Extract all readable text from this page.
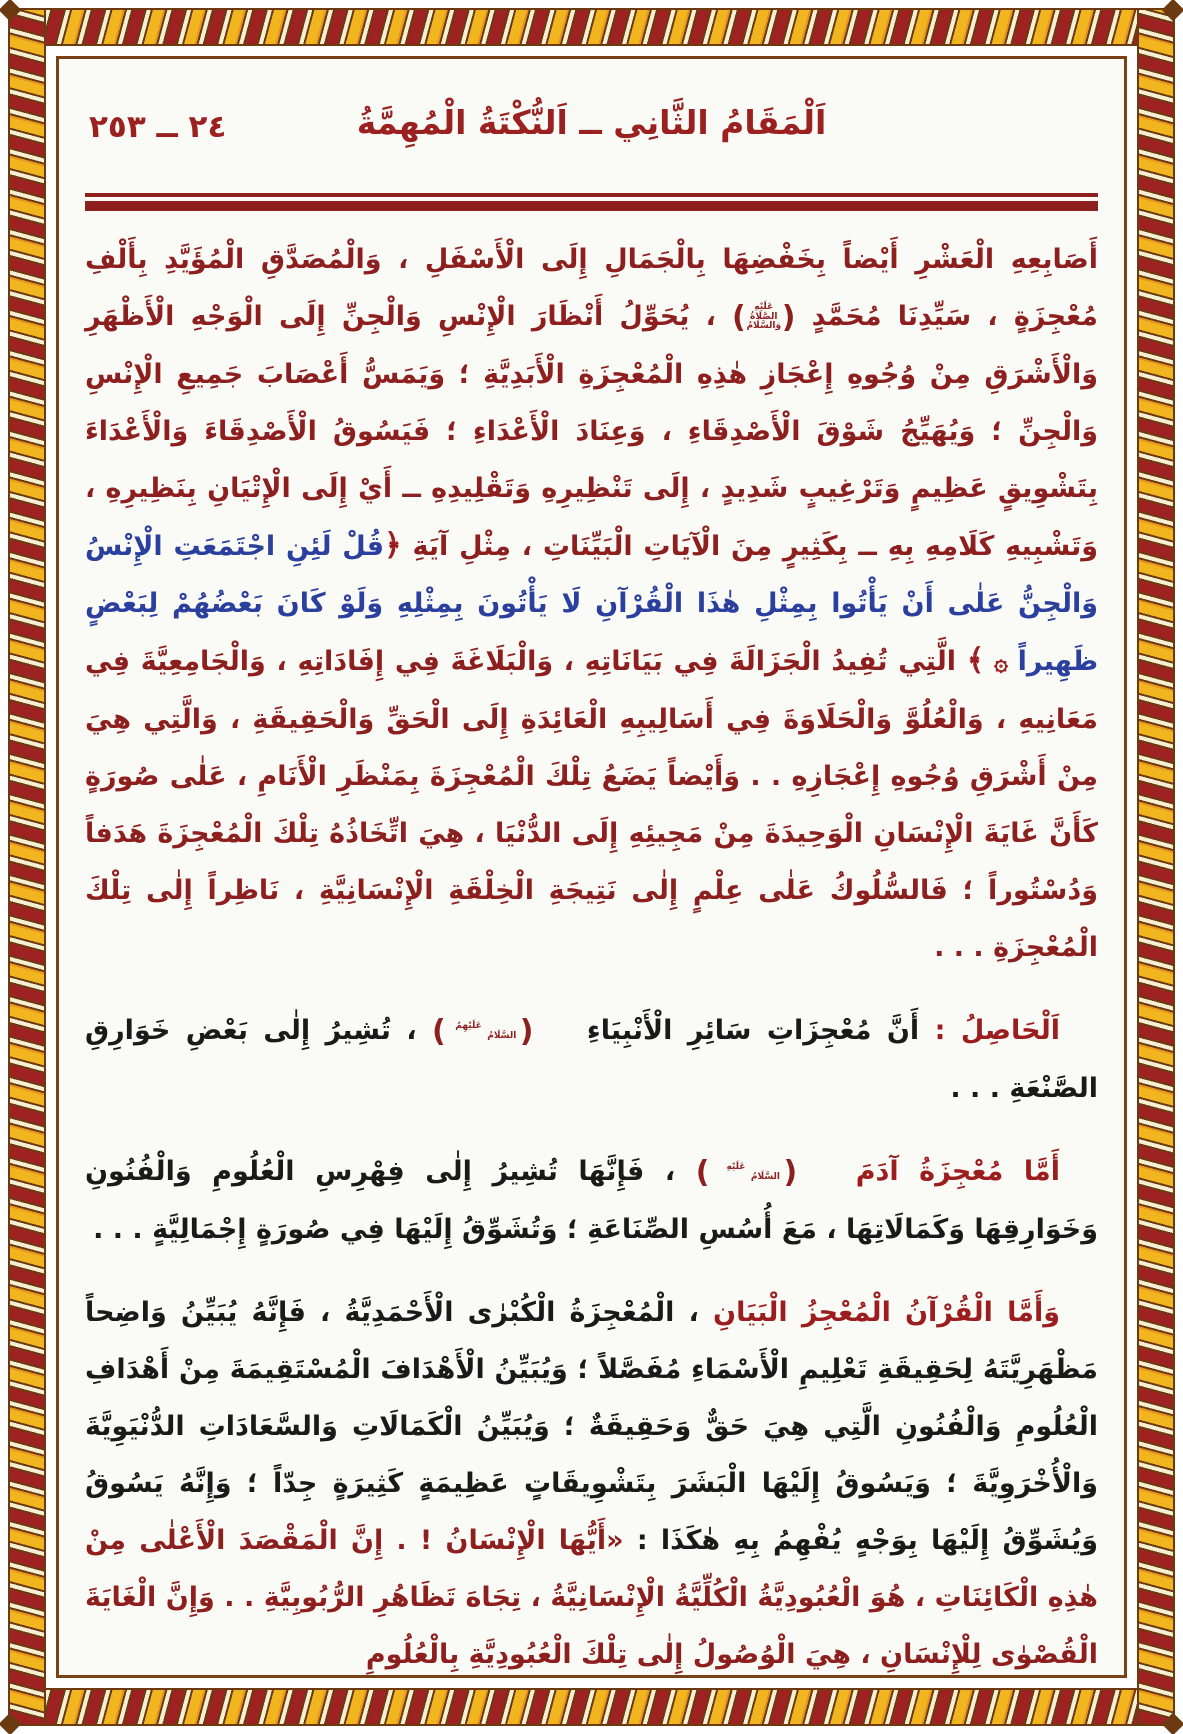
٢٤ ــ ٢٥٣	اَلْمَقَامُ الثَّانِي ــ اَلنُّكْتَةُ الْمُهِمَّةُ

أَصَابِعِهِ الْعَشْرِ أَيْضاً بِخَفْضِهَا بِالْجَمَالِ إِلَى الْأَسْفَلِ ، وَالْمُصَدَّقِ الْمُؤَيَّدِ بِأَلْفِ مُعْجِزَةٍ ، سَيِّدِنَا مُحَمَّدٍ
( عَلَيْهِ الصَّلَاةُ وَالسَّلَامُ
) ، يُحَوِّلُ أَنْظَارَ الْإِنْسِ وَالْجِنِّ إِلَى الْوَجْهِ الْأَظْهَرِ وَالْأَشْرَقِ مِنْ وُجُوهِ إِعْجَازِ هٰذِهِ الْمُعْجِزَةِ الْأَبَدِيَّةِ ؛ وَيَمَسُّ أَعْصَابَ جَمِيعِ الْإِنْسِ وَالْجِنِّ ؛ وَيُهَيِّجُ شَوْقَ الْأَصْدِقَاءِ ، وَعِنَادَ الْأَعْدَاءِ ؛ فَيَسُوقُ الْأَصْدِقَاءَ وَالْأَعْدَاءَ بِتَشْوِيقٍ عَظِيمٍ وَتَرْغِيبٍ شَدِيدٍ ، إِلَى تَنْظِيرِهِ وَتَقْلِيدِهِ ــ أَيْ إِلَى الْإِتْيَانِ بِنَظِيرِهِ ، وَتَشْبِيهِ كَلَامِهِ بِهِ ــ بِكَثِيرٍ مِنَ الْآيَاتِ الْبَيِّنَاتِ ، مِثْلِ آيَةِ ﴿قُلْ لَئِنِ اجْتَمَعَتِ الْإِنْسُ وَالْجِنُّ عَلٰى أَنْ يَأْتُوا بِمِثْلِ هٰذَا الْقُرْآنِ لَا يَأْتُونَ بِمِثْلِهِ وَلَوْ كَانَ بَعْضُهُمْ لِبَعْضٍ ظَهِيراً ۞ ﴾ الَّتِي تُفِيدُ الْجَزَالَةَ فِي بَيَانَاتِهِ ، وَالْبَلَاغَةَ فِي إِفَادَاتِهِ ، وَالْجَامِعِيَّةَ فِي مَعَانِيهِ ، وَالْعُلُوَّ وَالْحَلَاوَةَ فِي أَسَالِيبِهِ الْعَائِدَةِ إِلَى الْحَقِّ وَالْحَقِيقَةِ ، وَالَّتِي هِيَ مِنْ أَشْرَقِ وُجُوهِ إِعْجَازِهِ . . وَأَيْضاً يَضَعُ تِلْكَ الْمُعْجِزَةَ بِمَنْظَرِ الْأَنَامِ ، عَلٰى صُورَةٍ كَأَنَّ غَايَةَ الْإِنْسَانِ الْوَحِيدَةَ مِنْ مَجِيئِهِ إِلَى الدُّنْيَا ، هِيَ اتِّخَاذُهُ تِلْكَ الْمُعْجِزَةَ هَدَفاً وَدُسْتُوراً ؛ فَالسُّلُوكُ عَلٰى عِلْمٍ إِلٰى نَتِيجَةِ الْخِلْقَةِ الْإِنْسَانِيَّةِ ، نَاظِراً إِلٰى تِلْكَ الْمُعْجِزَةِ . . .

اَلْحَاصِلُ : أَنَّ مُعْجِزَاتِ سَائِرِ الْأَنْبِيَاءِ
( عَلَيْهِمُ السَّلَامُ
) ، تُشِيرُ إِلٰى بَعْضِ خَوَارِقِ الصَّنْعَةِ . . .

أَمَّا مُعْجِزَةُ آدَمَ
( عَلَيْهِ السَّلَامُ
) ، فَإِنَّهَا تُشِيرُ إِلٰى فِهْرِسِ الْعُلُومِ وَالْفُنُونِ وَخَوَارِقِهَا وَكَمَالَاتِهَا ، مَعَ أُسُسِ الصِّنَاعَةِ ؛ وَتُشَوِّقُ إِلَيْهَا فِي صُورَةٍ إِجْمَالِيَّةٍ . . .

وَأَمَّا الْقُرْآنُ الْمُعْجِزُ الْبَيَانِ ، الْمُعْجِزَةُ الْكُبْرٰى الْأَحْمَدِيَّةُ ، فَإِنَّهُ يُبَيِّنُ وَاضِحاً مَظْهَرِيَّتَهُ لِحَقِيقَةِ تَعْلِيمِ الْأَسْمَاءِ مُفَصَّلاً ؛ وَيُبَيِّنُ الْأَهْدَافَ الْمُسْتَقِيمَةَ مِنْ أَهْدَافِ الْعُلُومِ وَالْفُنُونِ الَّتِي هِيَ حَقٌّ وَحَقِيقَةٌ ؛ وَيُبَيِّنُ الْكَمَالَاتِ وَالسَّعَادَاتِ الدُّنْيَوِيَّةَ وَالْأُخْرَوِيَّةَ ؛ وَيَسُوقُ إِلَيْهَا الْبَشَرَ بِتَشْوِيقَاتٍ عَظِيمَةٍ كَثِيرَةٍ جِدّاً ؛ وَإِنَّهُ يَسُوقُ وَيُشَوِّقُ إِلَيْهَا بِوَجْهٍ يُفْهِمُ بِهِ هٰكَذَا : «أَيُّهَا الْإِنْسَانُ ! . إِنَّ الْمَقْصَدَ الْأَعْلٰى مِنْ هٰذِهِ الْكَائِنَاتِ ، هُوَ الْعُبُودِيَّةُ الْكُلِّيَّةُ الْإِنْسَانِيَّةُ ، تِجَاهَ تَظَاهُرِ الرُّبُوبِيَّةِ . . وَإِنَّ الْغَايَةَ الْقُصْوٰى لِلْإِنْسَانِ ، هِيَ الْوُصُولُ إِلٰى تِلْكَ الْعُبُودِيَّةِ بِالْعُلُومِ
